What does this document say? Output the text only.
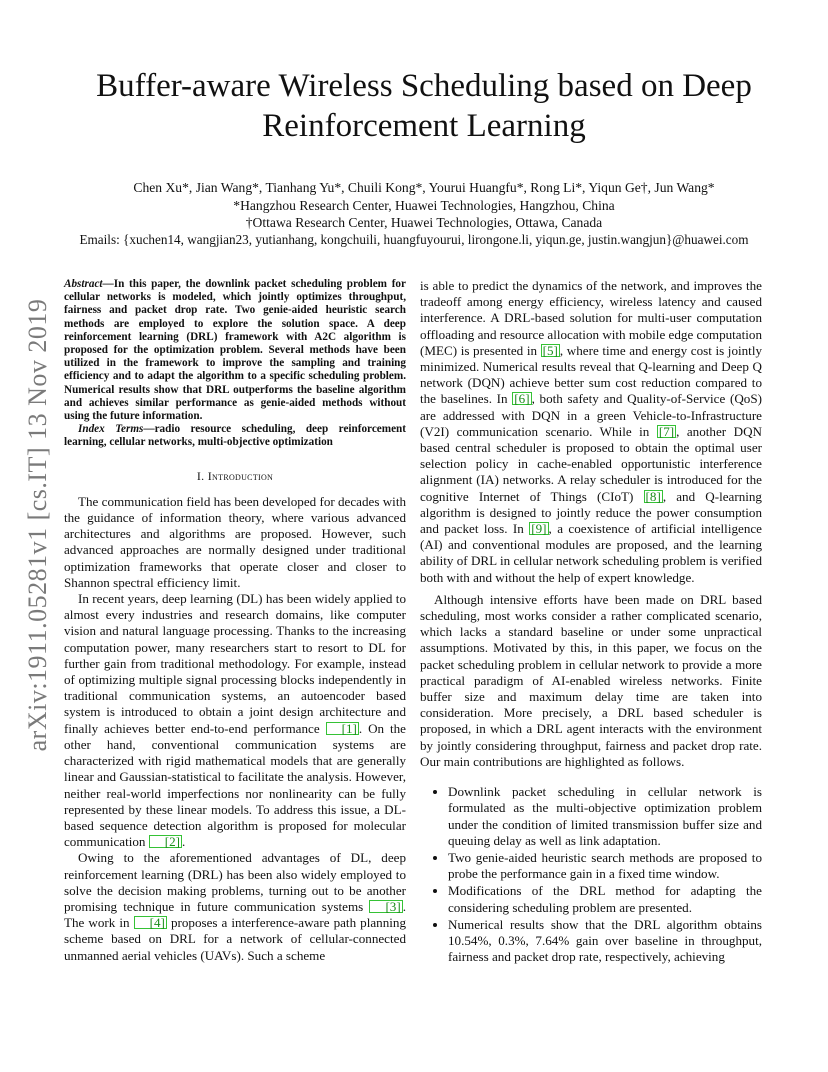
arXiv:1911.05281v1 [cs.IT] 13 Nov 2019
Buffer-aware Wireless Scheduling based on Deep Reinforcement Learning
Chen Xu*, Jian Wang*, Tianhang Yu*, Chuili Kong*, Yourui Huangfu*, Rong Li*, Yiqun Ge†, Jun Wang*
*Hangzhou Research Center, Huawei Technologies, Hangzhou, China
†Ottawa Research Center, Huawei Technologies, Ottawa, Canada
Emails: {xuchen14, wangjian23, yutianhang, kongchuili, huangfuyourui, lirongone.li, yiqun.ge, justin.wangjun}@huawei.com

Abstract—In this paper, the downlink packet scheduling problem for cellular networks is modeled, which jointly optimizes throughput, fairness and packet drop rate. Two genie-aided heuristic search methods are employed to explore the solution space. A deep reinforcement learning (DRL) framework with A2C algorithm is proposed for the optimization problem. Several methods have been utilized in the framework to improve the sampling and training efficiency and to adapt the algorithm to a specific scheduling problem. Numerical results show that DRL outperforms the baseline algorithm and achieves similar performance as genie-aided methods without using the future information.

Index Terms—radio resource scheduling, deep reinforcement learning, cellular networks, multi-objective optimization

I. Introduction

The communication field has been developed for decades with the guidance of information theory, where various advanced architectures and algorithms are proposed. However, such advanced approaches are normally designed under traditional optimization frameworks that operate closer and closer to Shannon spectral efficiency limit.

In recent years, deep learning (DL) has been widely applied to almost every industries and research domains, like computer vision and natural language processing. Thanks to the increasing computation power, many researchers start to resort to DL for further gain from traditional methodology. For example, instead of optimizing multiple signal processing blocks independently in traditional communication systems, an autoencoder based system is introduced to obtain a joint design architecture and finally achieves better end-to-end performance [1] . On the other hand, conventional communication systems are characterized with rigid mathematical models that are generally linear and Gaussian-statistical to facilitate the analysis. However, neither real-world imperfections nor nonlinearity can be fully represented by these linear models. To address this issue, a DL-based sequence detection algorithm is proposed for molecular communication [2] .

Owing to the aforementioned advantages of DL, deep reinforcement learning (DRL) has been also widely employed to solve the decision making problems, turning out to be another promising technique in future communication systems [3] . The work in [4] proposes a interference-aware path planning scheme based on DRL for a network of cellular-connected unmanned aerial vehicles (UAVs). Such a scheme

is able to predict the dynamics of the network, and improves the tradeoff among energy efficiency, wireless latency and caused interference. A DRL-based solution for multi-user computation offloading and resource allocation with mobile edge computation (MEC) is presented in [5] , where time and energy cost is jointly minimized. Numerical results reveal that Q-learning and Deep Q network (DQN) achieve better sum cost reduction compared to the baselines. In [6] , both safety and Quality-of-Service (QoS) are addressed with DQN in a green Vehicle-to-Infrastructure (V2I) communication scenario. While in [7] , another DQN based central scheduler is proposed to obtain the optimal user selection policy in cache-enabled opportunistic interference alignment (IA) networks. A relay scheduler is introduced for the cognitive Internet of Things (CIoT) [8] , and Q-learning algorithm is designed to jointly reduce the power consumption and packet loss. In [9] , a coexistence of artificial intelligence (AI) and conventional modules are proposed, and the learning ability of DRL in cellular network scheduling problem is verified both with and without the help of expert knowledge.

Although intensive efforts have been made on DRL based scheduling, most works consider a rather complicated scenario, which lacks a standard baseline or under some unpractical assumptions. Motivated by this, in this paper, we focus on the packet scheduling problem in cellular network to provide a more practical paradigm of AI-enabled wireless networks. Finite buffer size and maximum delay time are taken into consideration. More precisely, a DRL based scheduler is proposed, in which a DRL agent interacts with the environment by jointly considering throughput, fairness and packet drop rate. Our main contributions are highlighted as follows.

• Downlink packet scheduling in cellular network is formulated as the multi-objective optimization problem under the condition of limited transmission buffer size and queuing delay as well as link adaptation.
• Two genie-aided heuristic search methods are proposed to probe the performance gain in a fixed time window.
• Modifications of the DRL method for adapting the considering scheduling problem are presented.
• Numerical results show that the DRL algorithm obtains 10.54%, 0.3%, 7.64% gain over baseline in throughput, fairness and packet drop rate, respectively, achieving
